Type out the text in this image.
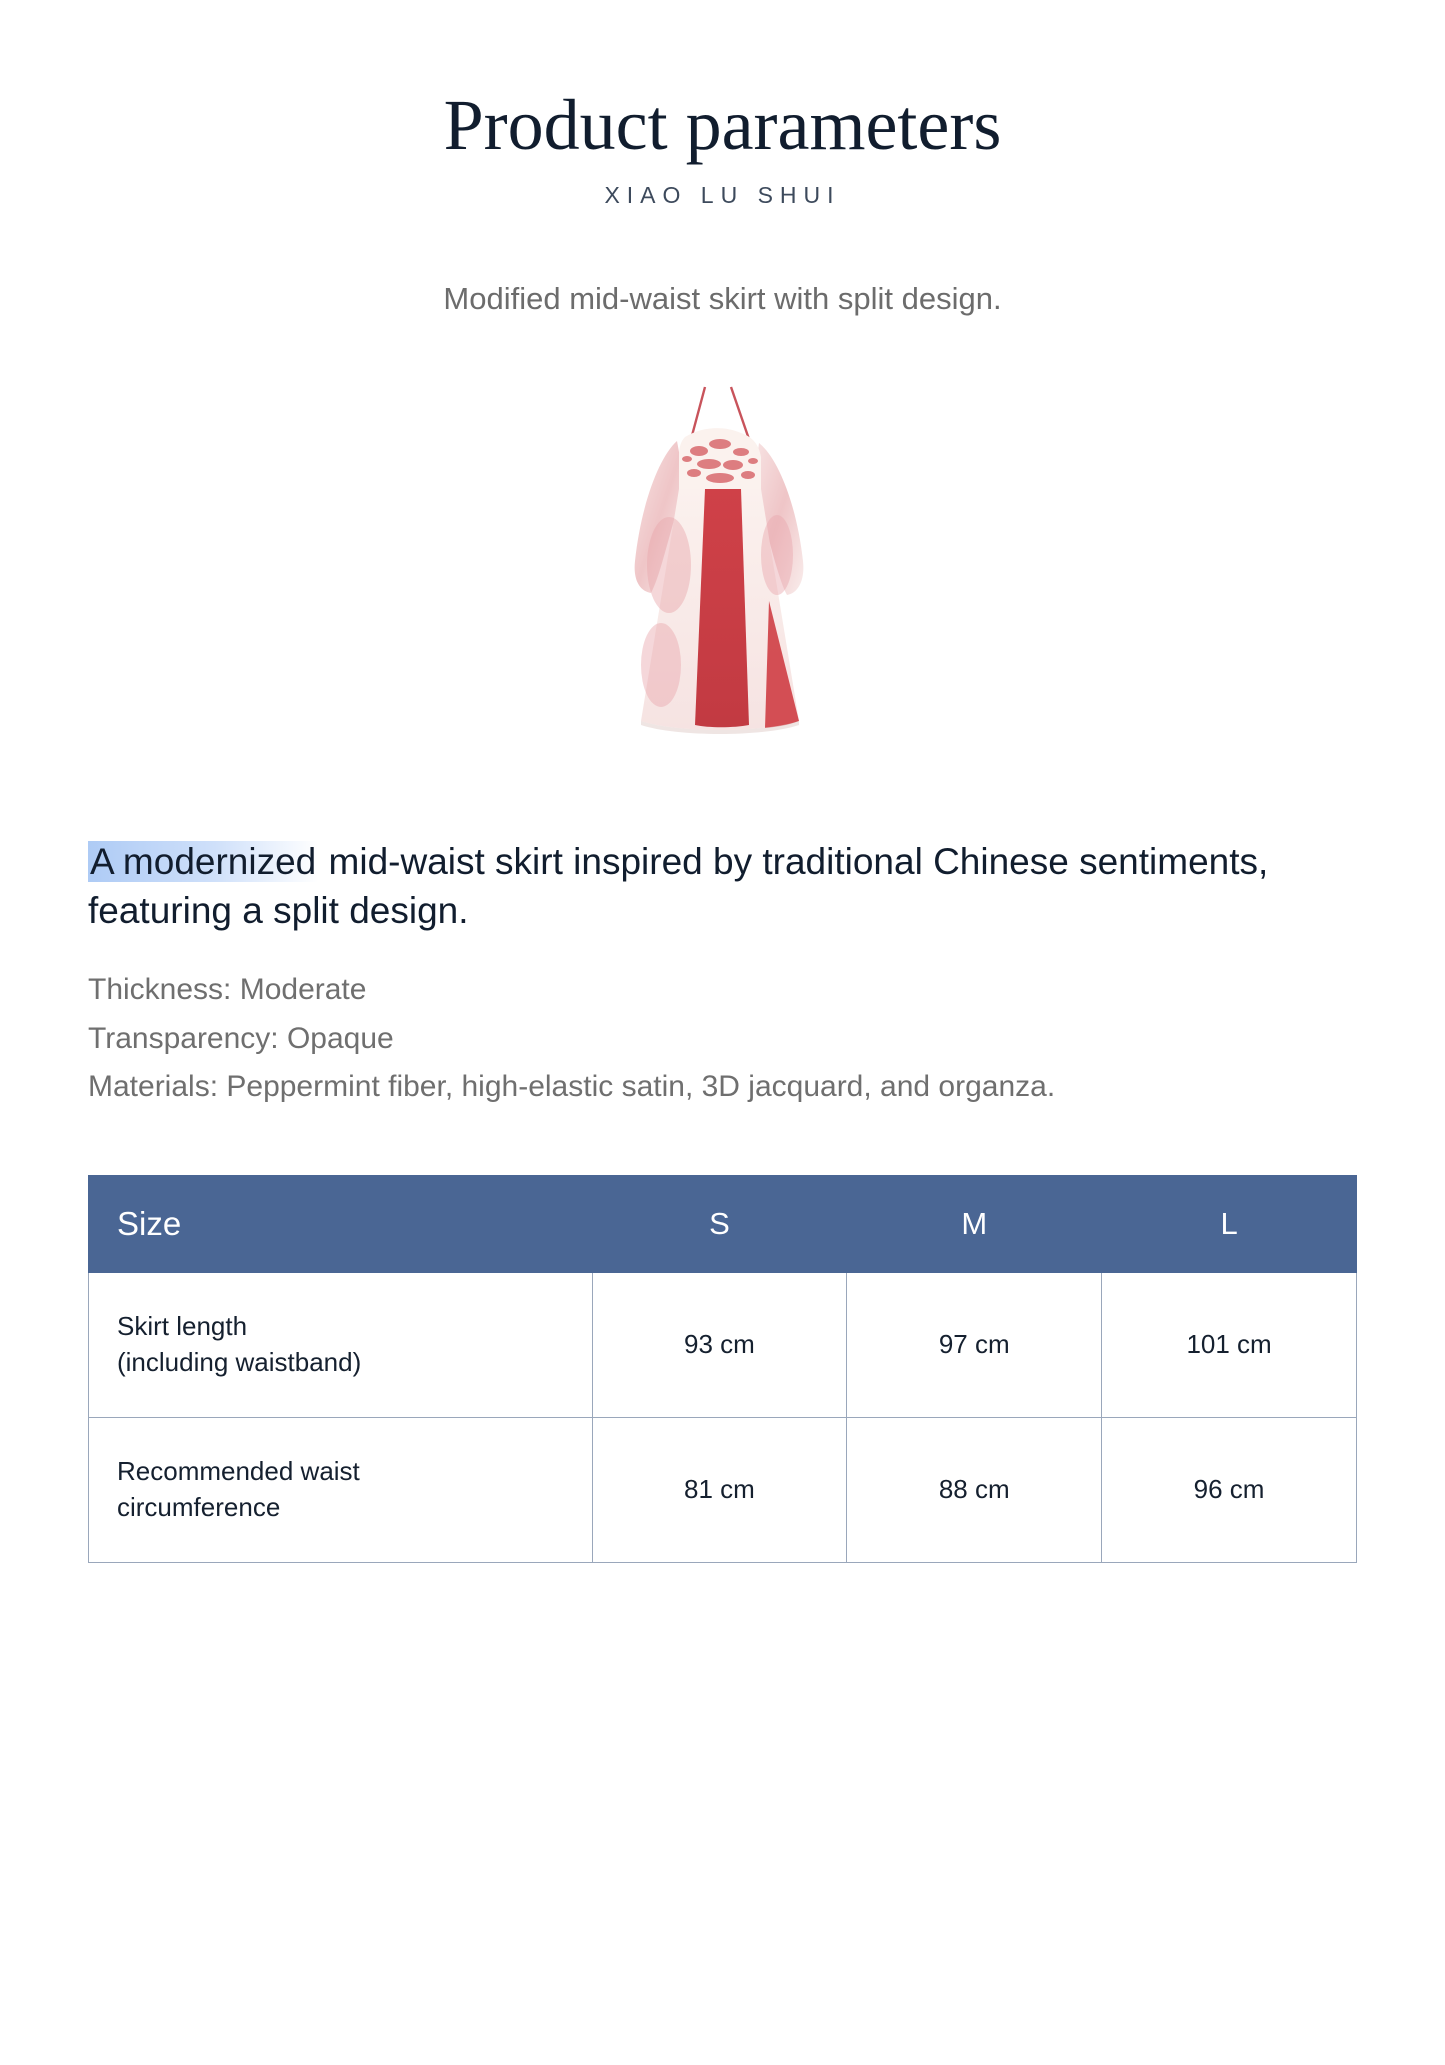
Product parameters
XIAO LU SHUI
Modified mid-waist skirt with split design.
A modernized mid-waist skirt inspired by traditional Chinese sentiments, featuring a split design.
Thickness: Moderate
Transparency: Opaque
Materials: Peppermint fiber, high-elastic satin, 3D jacquard, and organza.
Size	S	M	L

Skirt length
(including waistband)	93 cm	97 cm	101 cm

Recommended waist
circumference	81 cm	88 cm	96 cm
